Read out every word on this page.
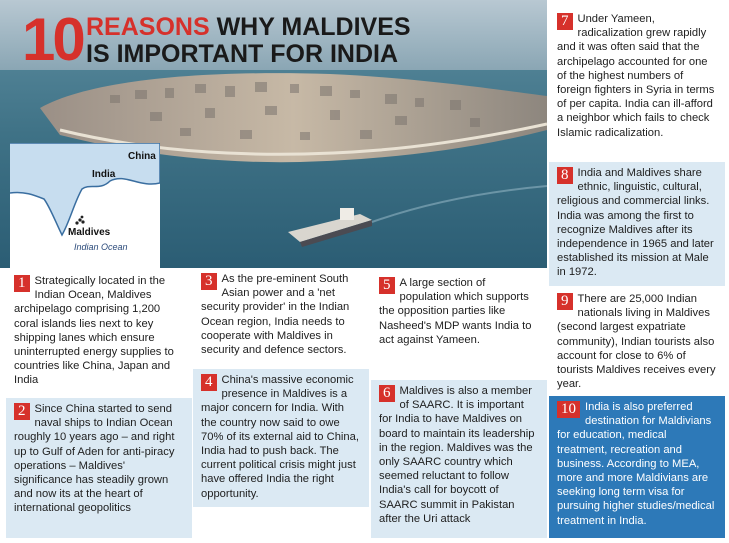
10 REASONS WHY MALDIVES
IS IMPORTANT FOR INDIA
China
India
Maldives
Indian Ocean
1 Strategically located in the Indian Ocean, Maldives archipelago comprising 1,200 coral islands lies next to key shipping lanes which ensure uninterrupted energy supplies to countries like China, Japan and India
2 Since China started to send naval ships to Indian Ocean roughly 10 years ago – and right up to Gulf of Aden for anti-piracy operations – Maldives' significance has steadily grown and now its at the heart of international geopolitics
3 As the pre-eminent South Asian power and a 'net security provider' in the Indian Ocean region, India needs to cooperate with Maldives in security and defence sectors.
4 China's massive economic presence in Maldives is a major concern for India. With the country now said to owe 70% of its external aid to China, India had to push back. The current political crisis might just have offered India the right opportunity.
5 A large section of population which supports the opposition parties like Nasheed's MDP wants India to act against Yameen.
6 Maldives is also a member of SAARC. It is important for India to have Maldives on board to maintain its leadership in the region. Maldives was the only SAARC country which seemed reluctant to follow India's call for boycott of SAARC summit in Pakistan after the Uri attack
7 Under Yameen, radicalization grew rapidly and it was often said that the archipelago accounted for one of the highest numbers of foreign fighters in Syria in terms of per capita. India can ill-afford a neighbor which fails to check Islamic radicalization.
8 India and Maldives share ethnic, linguistic, cultural, religious and commercial links. India was among the first to recognize Maldives after its independence in 1965 and later established its mission at Male in 1972.
9 There are 25,000 Indian nationals living in Maldives (second largest expatriate community), Indian tourists also account for close to 6% of tourists Maldives receives every year.
10 India is also preferred destination for Maldivians for education, medical treatment, recreation and business. According to MEA, more and more Maldivians are seeking long term visa for pursuing higher studies/medical treatment in India.
